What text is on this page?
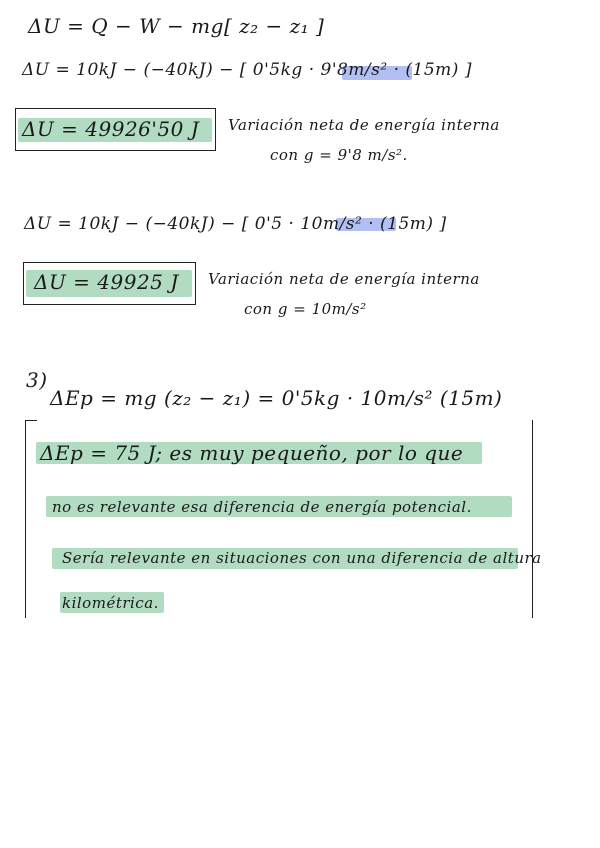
ΔU = Q − W − mg[ z₂ − z₁ ]
ΔU = 10kJ − (−40kJ) − [ 0'5kg · 9'8m/s² · (15m) ]
ΔU = 49926'50 J Variación neta de energía interna
con g = 9'8 m/s².
ΔU = 10kJ − (−40kJ) − [ 0'5 · 10m/s² · (15m) ]
ΔU = 49925 J Variación neta de energía interna
con g = 10m/s²
3)
ΔEp = mg (z₂ − z₁) = 0'5kg · 10m/s² (15m)
ΔEp = 75 J; es muy pequeño, por lo que
no es relevante esa diferencia de energía potencial.
Sería relevante en situaciones con una diferencia de altura
kilométrica.
